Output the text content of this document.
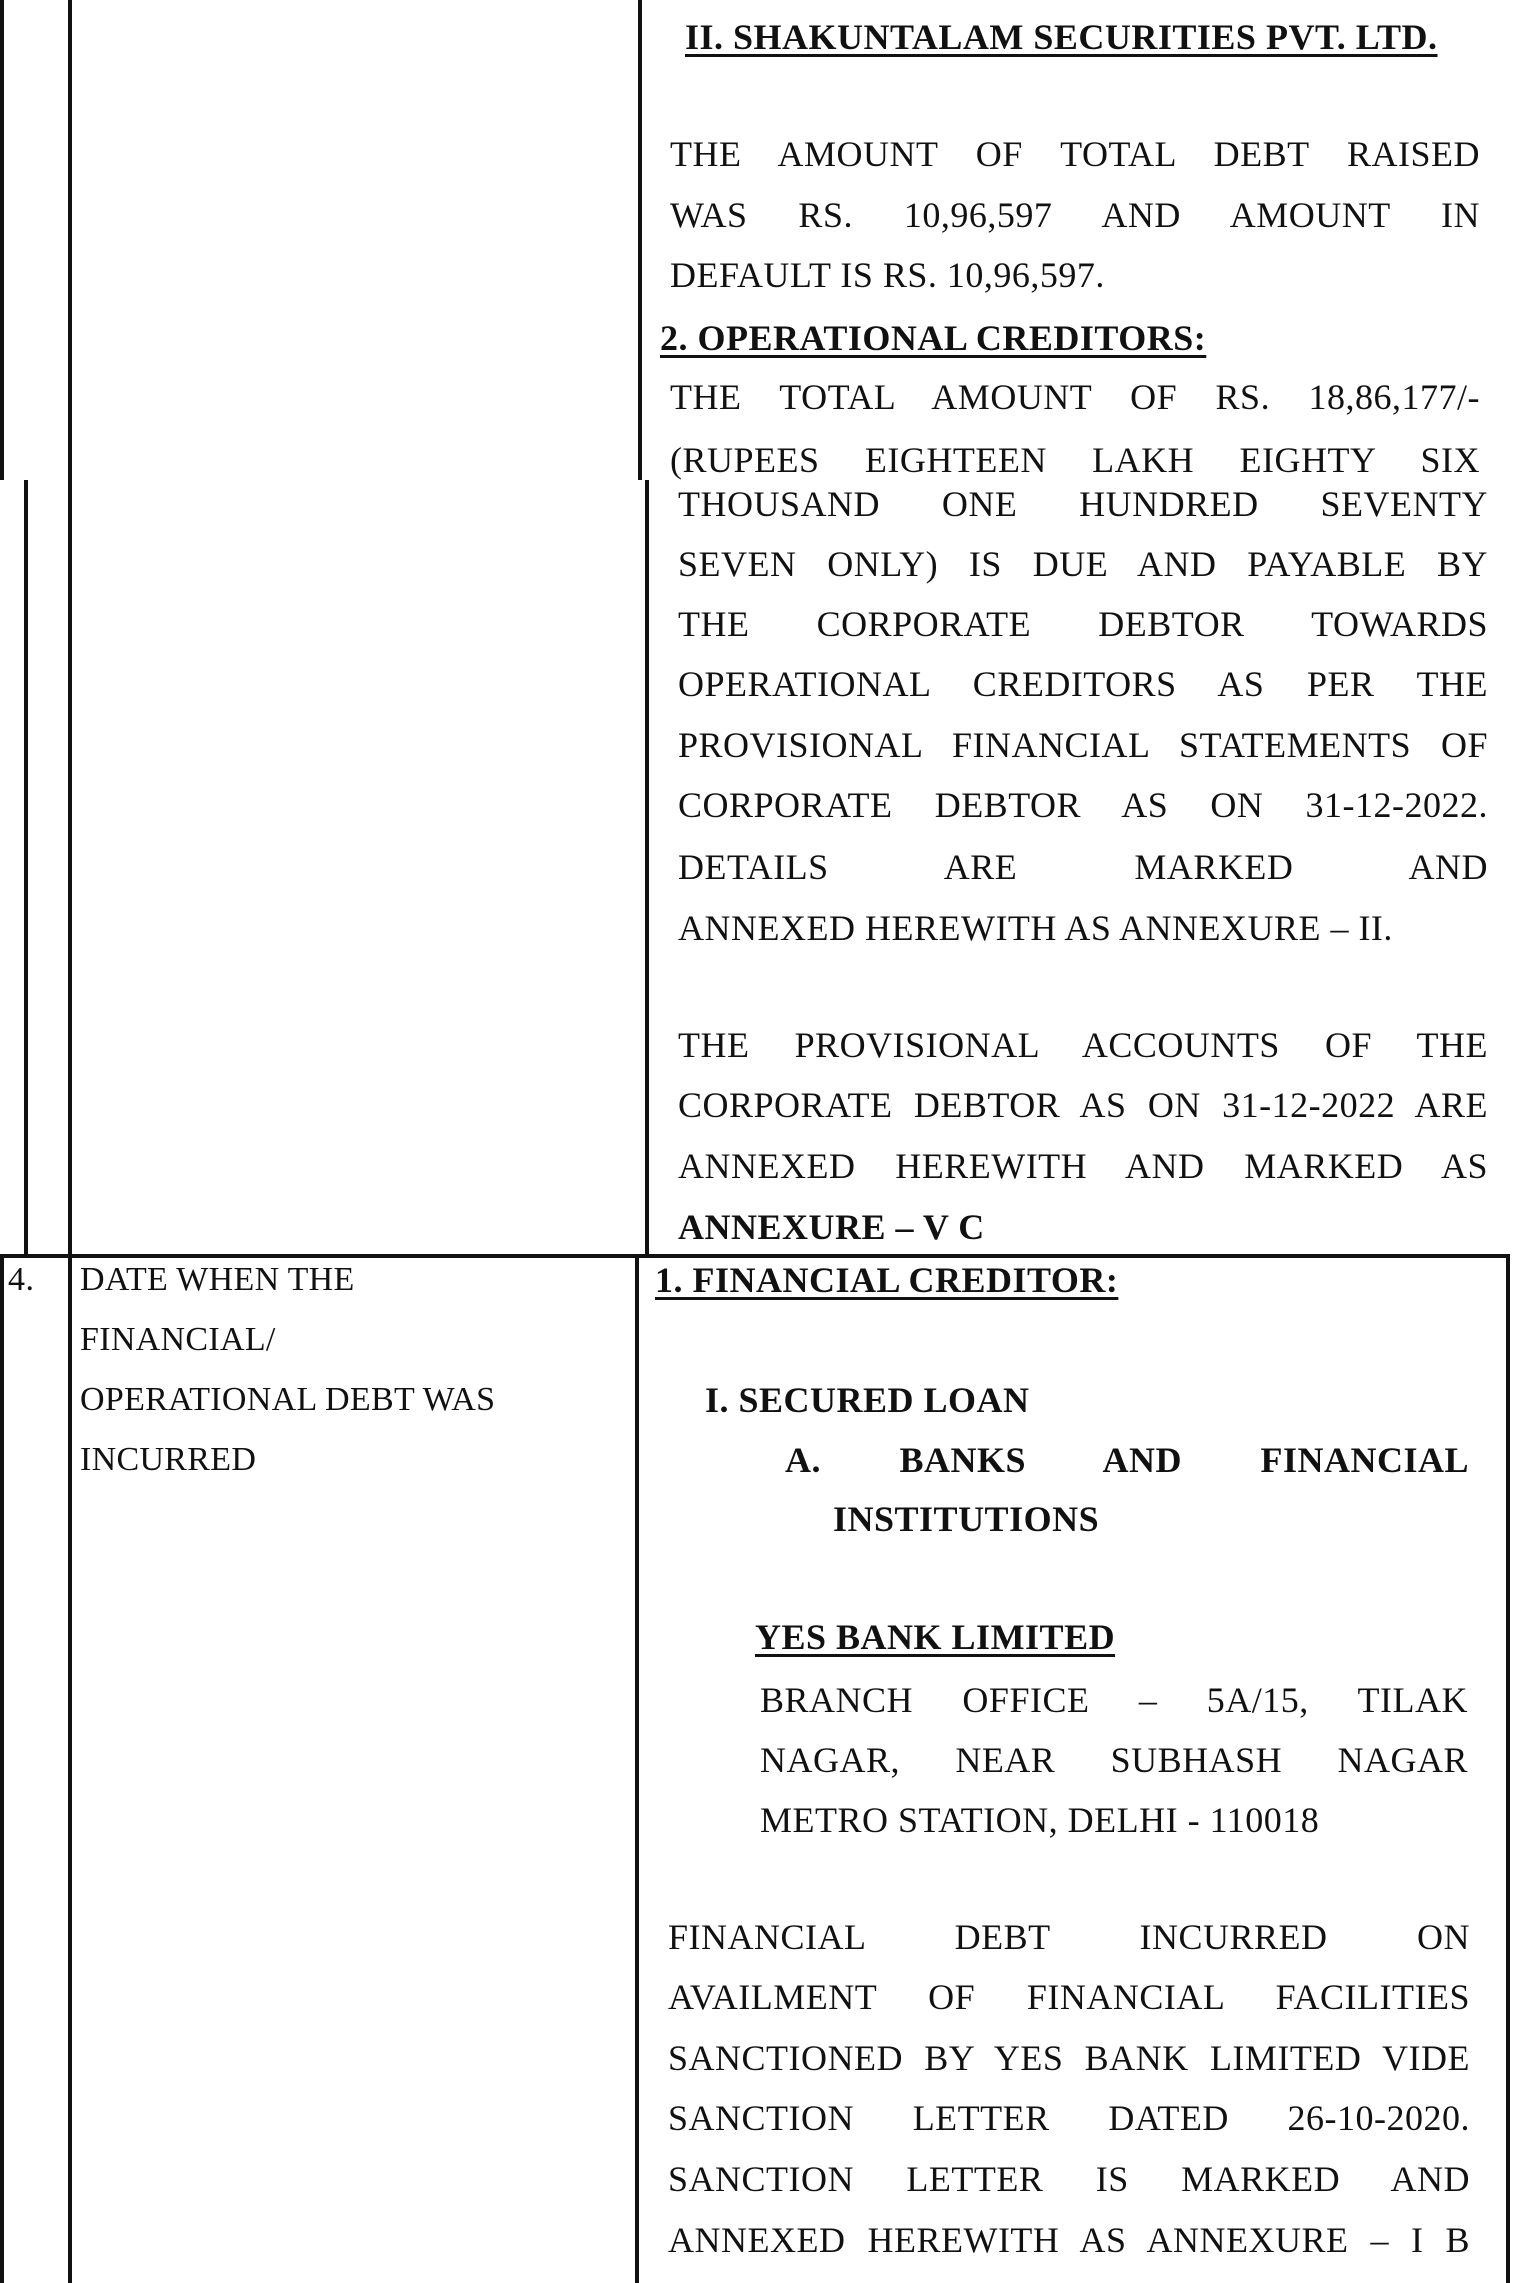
II. SHAKUNTALAM SECURITIES PVT. LTD.
THE AMOUNT OF TOTAL DEBT RAISED
WAS RS. 10,96,597 AND AMOUNT IN
DEFAULT IS RS. 10,96,597.
2. OPERATIONAL CREDITORS:
THE TOTAL AMOUNT OF RS. 18,86,177/-
(RUPEES EIGHTEEN LAKH EIGHTY SIX
THOUSAND ONE HUNDRED SEVENTY
SEVEN ONLY) IS DUE AND PAYABLE BY
THE CORPORATE DEBTOR TOWARDS
OPERATIONAL CREDITORS AS PER THE
PROVISIONAL FINANCIAL STATEMENTS OF
CORPORATE DEBTOR AS ON 31-12-2022.
DETAILS ARE MARKED AND
ANNEXED HEREWITH AS ANNEXURE – II.
THE PROVISIONAL ACCOUNTS OF THE
CORPORATE DEBTOR AS ON 31-12-2022 ARE
ANNEXED HEREWITH AND MARKED AS
ANNEXURE – V C
4. DATE WHEN THE
FINANCIAL/
OPERATIONAL DEBT WAS
INCURRED
1. FINANCIAL CREDITOR:
I. SECURED LOAN
A. BANKS AND FINANCIAL
INSTITUTIONS
YES BANK LIMITED
BRANCH OFFICE – 5A/15, TILAK
NAGAR, NEAR SUBHASH NAGAR
METRO STATION, DELHI - 110018
FINANCIAL DEBT INCURRED ON
AVAILMENT OF FINANCIAL FACILITIES
SANCTIONED BY YES BANK LIMITED VIDE
SANCTION LETTER DATED 26-10-2020.
SANCTION LETTER IS MARKED AND
ANNEXED HEREWITH AS ANNEXURE – I B
